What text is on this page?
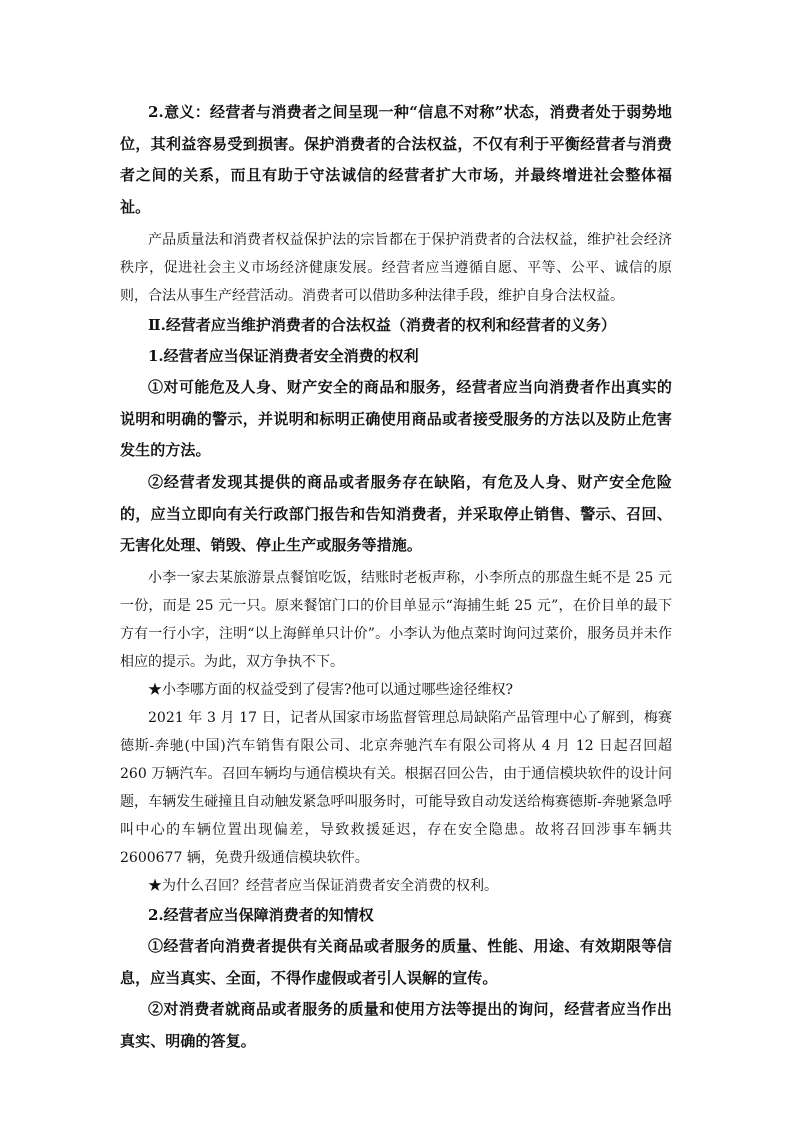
2.意义：经营者与消费者之间呈现一种“信息不对称”状态，消费者处于弱势地位，其利益容易受到损害。保护消费者的合法权益，不仅有利于平衡经营者与消费者之间的关系，而且有助于守法诚信的经营者扩大市场，并最终增进社会整体福祉。

产品质量法和消费者权益保护法的宗旨都在于保护消费者的合法权益，维护社会经济秩序，促进社会主义市场经济健康发展。经营者应当遵循自愿、平等、公平、诚信的原则，合法从事生产经营活动。消费者可以借助多种法律手段，维护自身合法权益。

Ⅱ.经营者应当维护消费者的合法权益（消费者的权利和经营者的义务）

1.经营者应当保证消费者安全消费的权利

①对可能危及人身、财产安全的商品和服务，经营者应当向消费者作出真实的说明和明确的警示，并说明和标明正确使用商品或者接受服务的方法以及防止危害发生的方法。

②经营者发现其提供的商品或者服务存在缺陷，有危及人身、财产安全危险的，应当立即向有关行政部门报告和告知消费者，并采取停止销售、警示、召回、无害化处理、销毁、停止生产或服务等措施。

小李一家去某旅游景点餐馆吃饭，结账时老板声称，小李所点的那盘生蚝不是 25 元一份，而是 25 元一只。原来餐馆门口的价目单显示“海捕生蚝 25 元”，在价目单的最下方有一行小字，注明“以上海鲜单只计价”。小李认为他点菜时询问过菜价，服务员并未作相应的提示。为此，双方争执不下。

★小李哪方面的权益受到了侵害?他可以通过哪些途径维权?

2021 年 3 月 17 日，记者从国家市场监督管理总局缺陷产品管理中心了解到，梅赛德斯-奔驰(中国)汽车销售有限公司、北京奔驰汽车有限公司将从 4 月 12 日起召回超 260 万辆汽车。召回车辆均与通信模块有关。根据召回公告，由于通信模块软件的设计问题，车辆发生碰撞且自动触发紧急呼叫服务时，可能导致自动发送给梅赛德斯-奔驰紧急呼叫中心的车辆位置出现偏差，导致救援延迟，存在安全隐患。故将召回涉事车辆共 2600677 辆，免费升级通信模块软件。

★为什么召回？经营者应当保证消费者安全消费的权利。

2.经营者应当保障消费者的知情权

①经营者向消费者提供有关商品或者服务的质量、性能、用途、有效期限等信息，应当真实、全面，不得作虚假或者引人误解的宣传。

②对消费者就商品或者服务的质量和使用方法等提出的询问，经营者应当作出真实、明确的答复。
